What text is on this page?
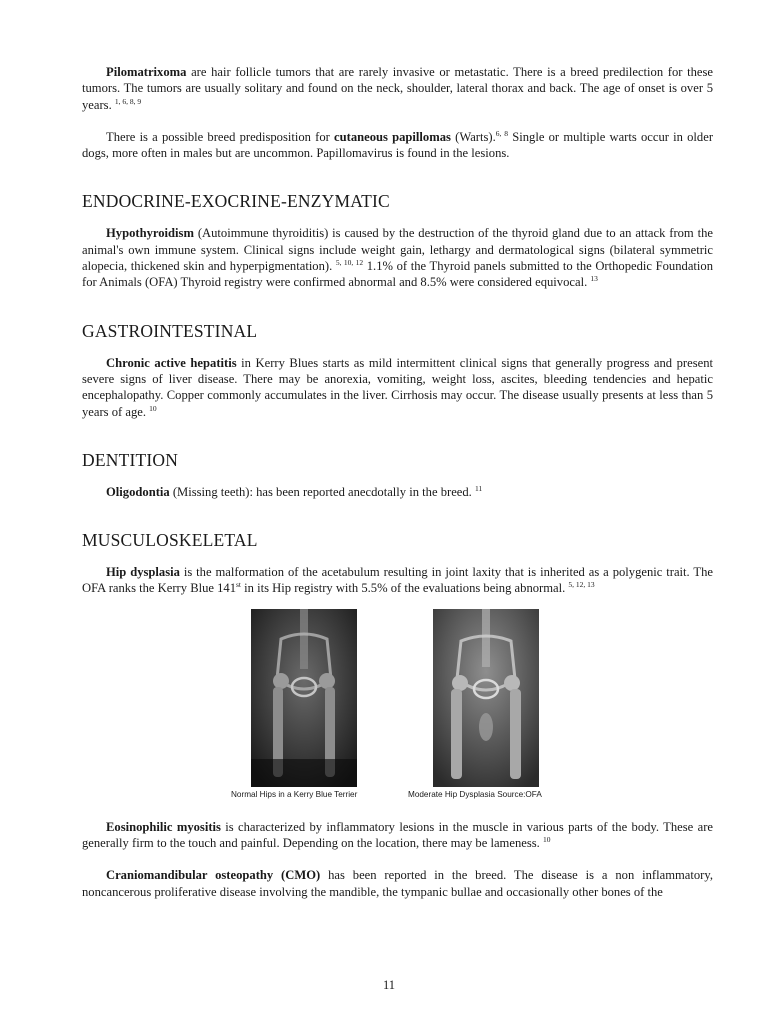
Pilomatrixoma are hair follicle tumors that are rarely invasive or metastatic. There is a breed predilection for these tumors. The tumors are usually solitary and found on the neck, shoulder, lateral thorax and back. The age of onset is over 5 years. $^{1, 6, 8, 9}$

There is a possible breed predisposition for cutaneous papillomas (Warts).$^{6, 8}$ Single or multiple warts occur in older dogs, more often in males but are uncommon. Papillomavirus is found in the lesions.

ENDOCRINE-EXOCRINE-ENZYMATIC

Hypothyroidism (Autoimmune thyroiditis) is caused by the destruction of the thyroid gland due to an attack from the animal's own immune system. Clinical signs include weight gain, lethargy and dermatological signs (bilateral symmetric alopecia, thickened skin and hyperpigmentation). $^{5, 10, 12}$ 1.1% of the Thyroid panels submitted to the Orthopedic Foundation for Animals (OFA) Thyroid registry were confirmed abnormal and 8.5% were considered equivocal. $^{13}$

GASTROINTESTINAL

Chronic active hepatitis in Kerry Blues starts as mild intermittent clinical signs that generally progress and present severe signs of liver disease. There may be anorexia, vomiting, weight loss, ascites, bleeding tendencies and hepatic encephalopathy. Copper commonly accumulates in the liver. Cirrhosis may occur. The disease usually presents at less than 5 years of age. $^{10}$

DENTITION

Oligodontia (Missing teeth): has been reported anecdotally in the breed. $^{11}$

MUSCULOSKELETAL

Hip dysplasia is the malformation of the acetabulum resulting in joint laxity that is inherited as a polygenic trait. The OFA ranks the Kerry Blue 141st in its Hip registry with 5.5% of the evaluations being abnormal. $^{5, 12, 13}$

Normal Hips in a Kerry Blue Terrier	Moderate Hip Dysplasia Source:OFA

Eosinophilic myositis is characterized by inflammatory lesions in the muscle in various parts of the body. These are generally firm to the touch and painful. Depending on the location, there may be lameness. $^{10}$

Craniomandibular osteopathy (CMO) has been reported in the breed. The disease is a non inflammatory, noncancerous proliferative disease involving the mandible, the tympanic bullae and occasionally other bones of the

11
